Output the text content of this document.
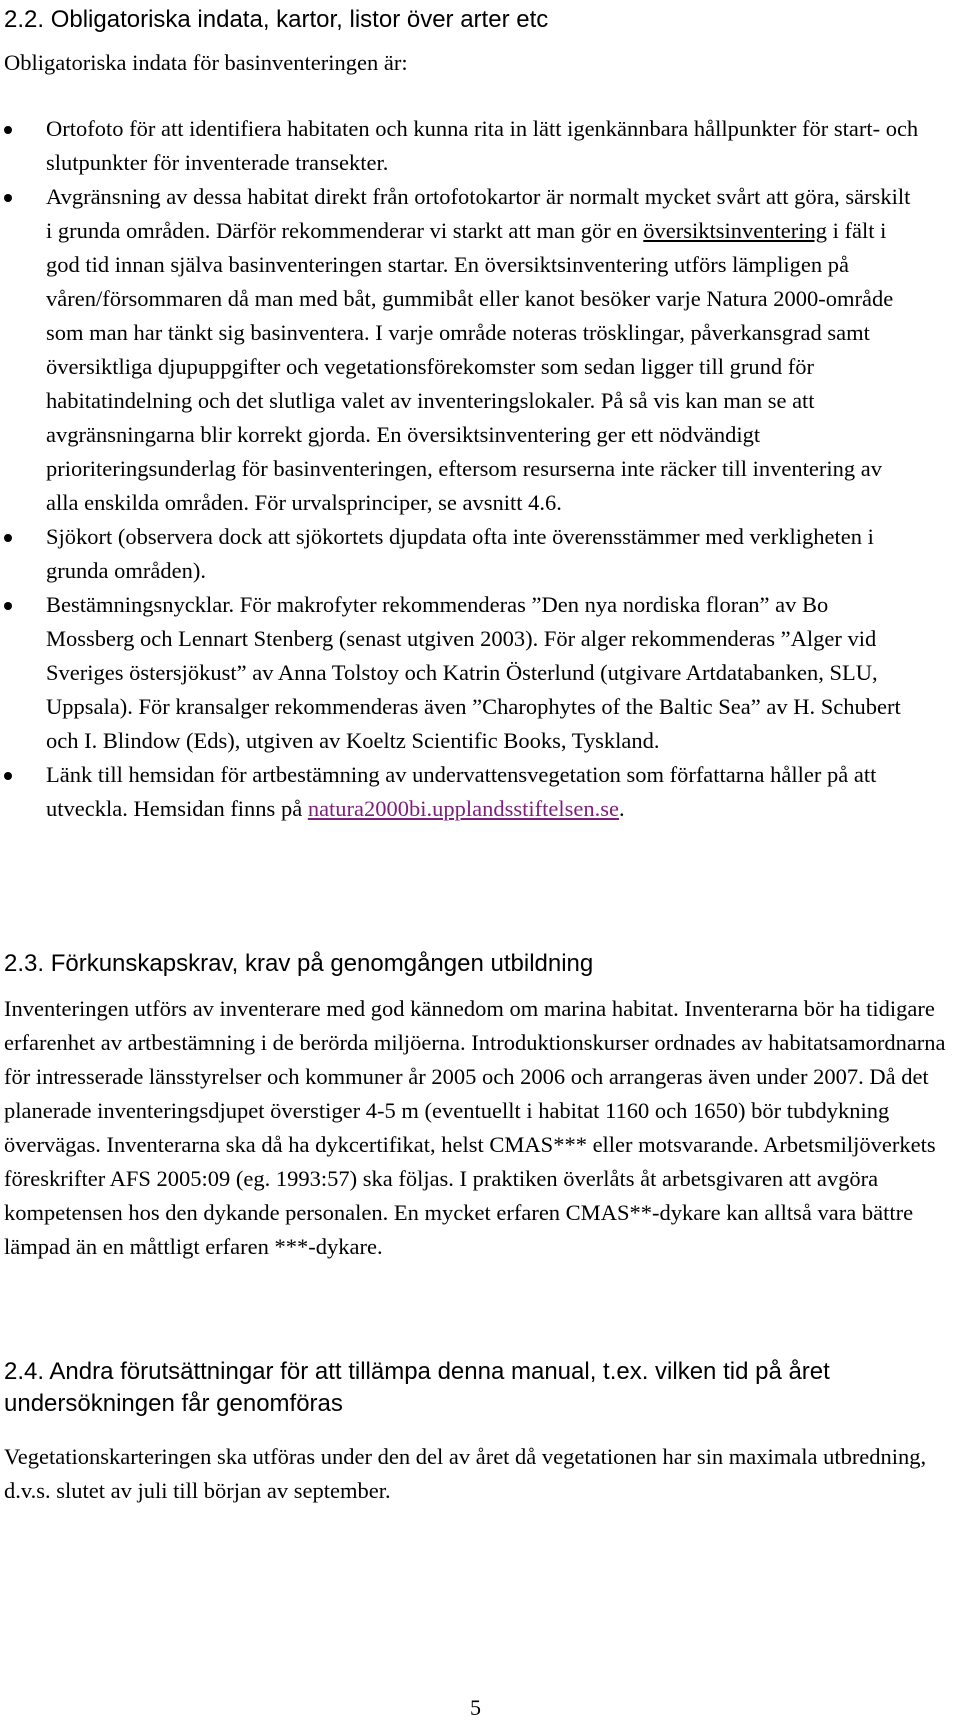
2.2. Obligatoriska indata, kartor, listor över arter etc

Obligatoriska indata för basinventeringen är:

Ortofoto för att identifiera habitaten och kunna rita in lätt igenkännbara hållpunkter för start- och slutpunkter för inventerade transekter.
Avgränsning av dessa habitat direkt från ortofotokartor är normalt mycket svårt att göra, särskilt i grunda områden. Därför rekommenderar vi starkt att man gör en översiktsinventering i fält i god tid innan själva basinventeringen startar. En översiktsinventering utförs lämpligen på våren/försommaren då man med båt, gummibåt eller kanot besöker varje Natura 2000-område som man har tänkt sig basinventera. I varje område noteras trösklingar, påverkansgrad samt översiktliga djupuppgifter och vegetationsförekomster som sedan ligger till grund för habitatindelning och det slutliga valet av inventeringslokaler. På så vis kan man se att avgränsningarna blir korrekt gjorda. En översiktsinventering ger ett nödvändigt prioriteringsunderlag för basinventeringen, eftersom resurserna inte räcker till inventering av alla enskilda områden. För urvalsprinciper, se avsnitt 4.6.
Sjökort (observera dock att sjökortets djupdata ofta inte överensstämmer med verkligheten i grunda områden).
Bestämningsnycklar. För makrofyter rekommenderas ”Den nya nordiska floran” av Bo Mossberg och Lennart Stenberg (senast utgiven 2003). För alger rekommenderas ”Alger vid Sveriges östersjökust” av Anna Tolstoy och Katrin Österlund (utgivare Artdatabanken, SLU, Uppsala). För kransalger rekommenderas även ”Charophytes of the Baltic Sea” av H. Schubert och I. Blindow (Eds), utgiven av Koeltz Scientific Books, Tyskland.
Länk till hemsidan för artbestämning av undervattensvegetation som författarna håller på att utveckla. Hemsidan finns på natura2000bi.upplandsstiftelsen.se.
2.3. Förkunskapskrav, krav på genomgången utbildning

Inventeringen utförs av inventerare med god kännedom om marina habitat. Inventerarna bör ha tidigare erfarenhet av artbestämning i de berörda miljöerna. Introduktionskurser ordnades av habitatsamordnarna för intresserade länsstyrelser och kommuner år 2005 och 2006 och arrangeras även under 2007. Då det planerade inventeringsdjupet överstiger 4-5 m (eventuellt i habitat 1160 och 1650) bör tubdykning övervägas. Inventerarna ska då ha dykcertifikat, helst CMAS*** eller motsvarande. Arbetsmiljöverkets föreskrifter AFS 2005:09 (eg. 1993:57) ska följas. I praktiken överlåts åt arbetsgivaren att avgöra kompetensen hos den dykande personalen. En mycket erfaren CMAS**-dykare kan alltså vara bättre lämpad än en måttligt erfaren ***-dykare.

2.4. Andra förutsättningar för att tillämpa denna manual, t.ex. vilken tid på året undersökningen får genomföras

Vegetationskarteringen ska utföras under den del av året då vegetationen har sin maximala utbredning, d.v.s. slutet av juli till början av september.

5
